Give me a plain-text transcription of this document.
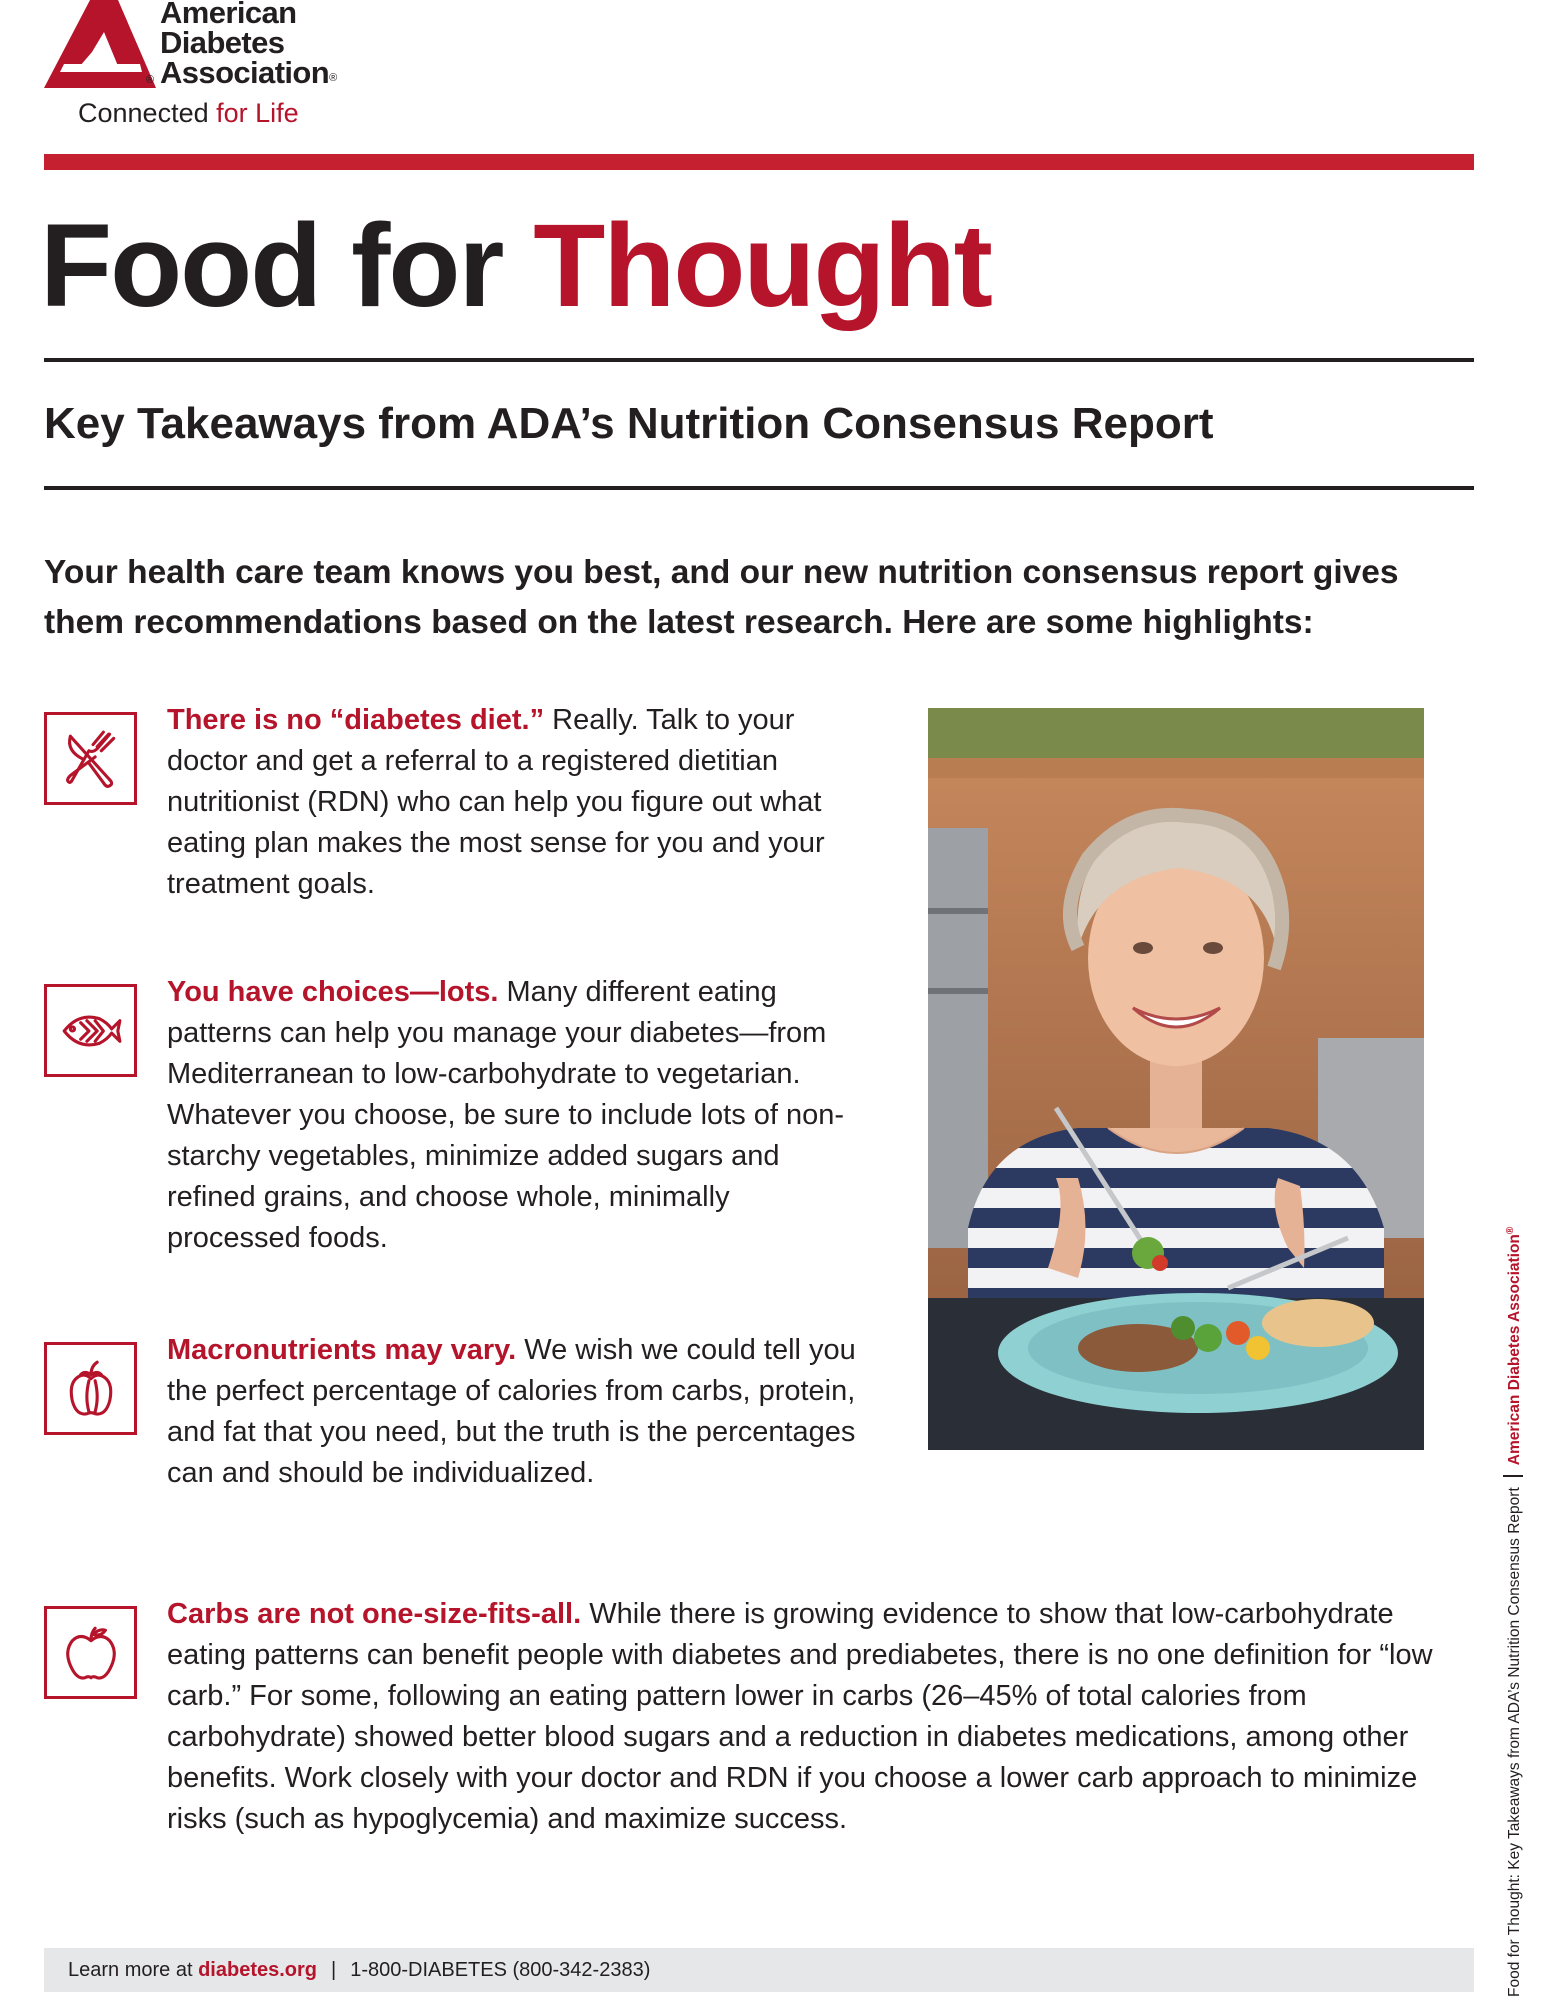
®
American
Diabetes
Association®
Connected for Life
Food for Thought
Key Takeaways from ADA’s Nutrition Consensus Report

Your health care team knows you best, and our new nutrition consensus report gives them recommendations based on the latest research. Here are some highlights:

There is no “diabetes diet.” Really. Talk to your doctor and get a referral to a registered dietitian nutritionist (RDN) who can help you figure out what eating plan makes the most sense for you and your treatment goals.

You have choices—lots. Many different eating patterns can help you manage your diabetes—from Mediterranean to low-carbohydrate to vegetarian. Whatever you choose, be sure to include lots of non-starchy vegetables, minimize added sugars and refined grains, and choose whole, minimally processed foods.

Macronutrients may vary. We wish we could tell you the perfect percentage of calories from carbs, protein, and fat that you need, but the truth is the percentages can and should be individualized.

Carbs are not one-size-fits-all. While there is growing evidence to show that low-carbohydrate eating patterns can benefit people with diabetes and prediabetes, there is no one definition for “low carb.” For some, following an eating pattern lower in carbs (26–45% of total calories from carbohydrate) showed better blood sugars and a reduction in diabetes medications, among other benefits. Work closely with your doctor and RDN if you choose a lower carb approach to minimize risks (such as hypoglycemia) and maximize success.

Learn more at diabetes.org | 1-800-DIABETES (800-342-2383)	Food for Thought: Key Takeaways from ADA’s Nutrition Consensus ReportAmerican Diabetes Association®
